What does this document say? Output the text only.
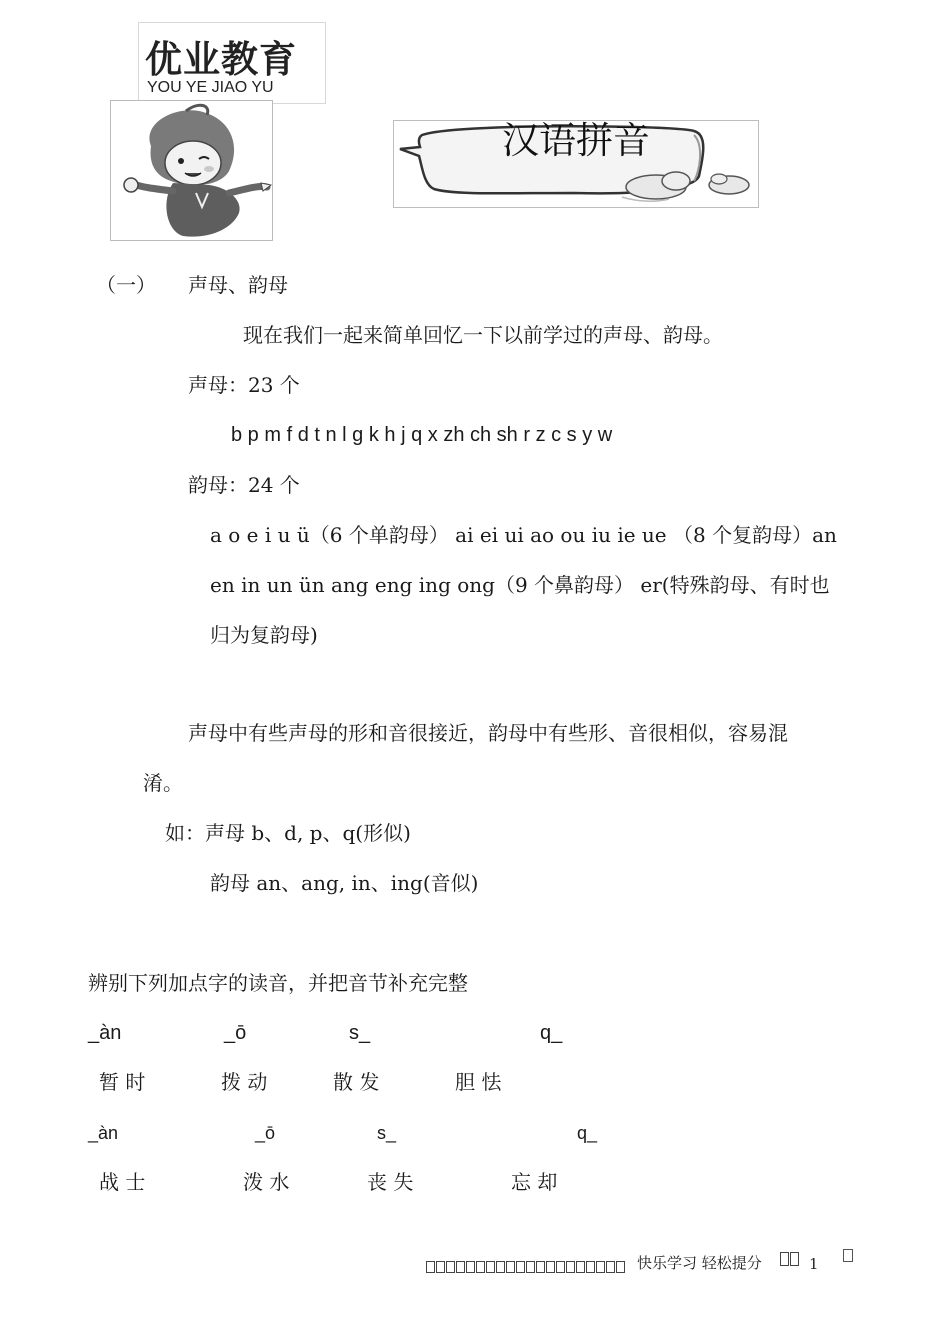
优业教育
YOU YE JIAO YU
汉语拼音
（一） 声母、韵母
现在我们一起来简单回忆一下以前学过的声母、韵母。
声母：23 个
b p m f d t n l g k h j q x zh ch sh r z c s y w
韵母：24 个
a o e i u ü（6 个单韵母） ai ei ui ao ou iu ie ue （8 个复韵母）an
en in un ün ang eng ing ong（9 个鼻韵母） er(特殊韵母、有时也
归为复韵母)
声母中有些声母的形和音很接近，韵母中有些形、音很相似，容易混
淆。
如：声母 b、d, p、q(形似)
韵母 an、ang, in、ing(音似)
辨别下列加点字的读音，并把音节补充完整
_àn	_ō	s_	q_
暂 时	拨 动	散 发	胆 怯
_àn	_ō	s_	q_
战 士	泼 水	丧 失	忘 却
快乐学习 轻松提分	1
